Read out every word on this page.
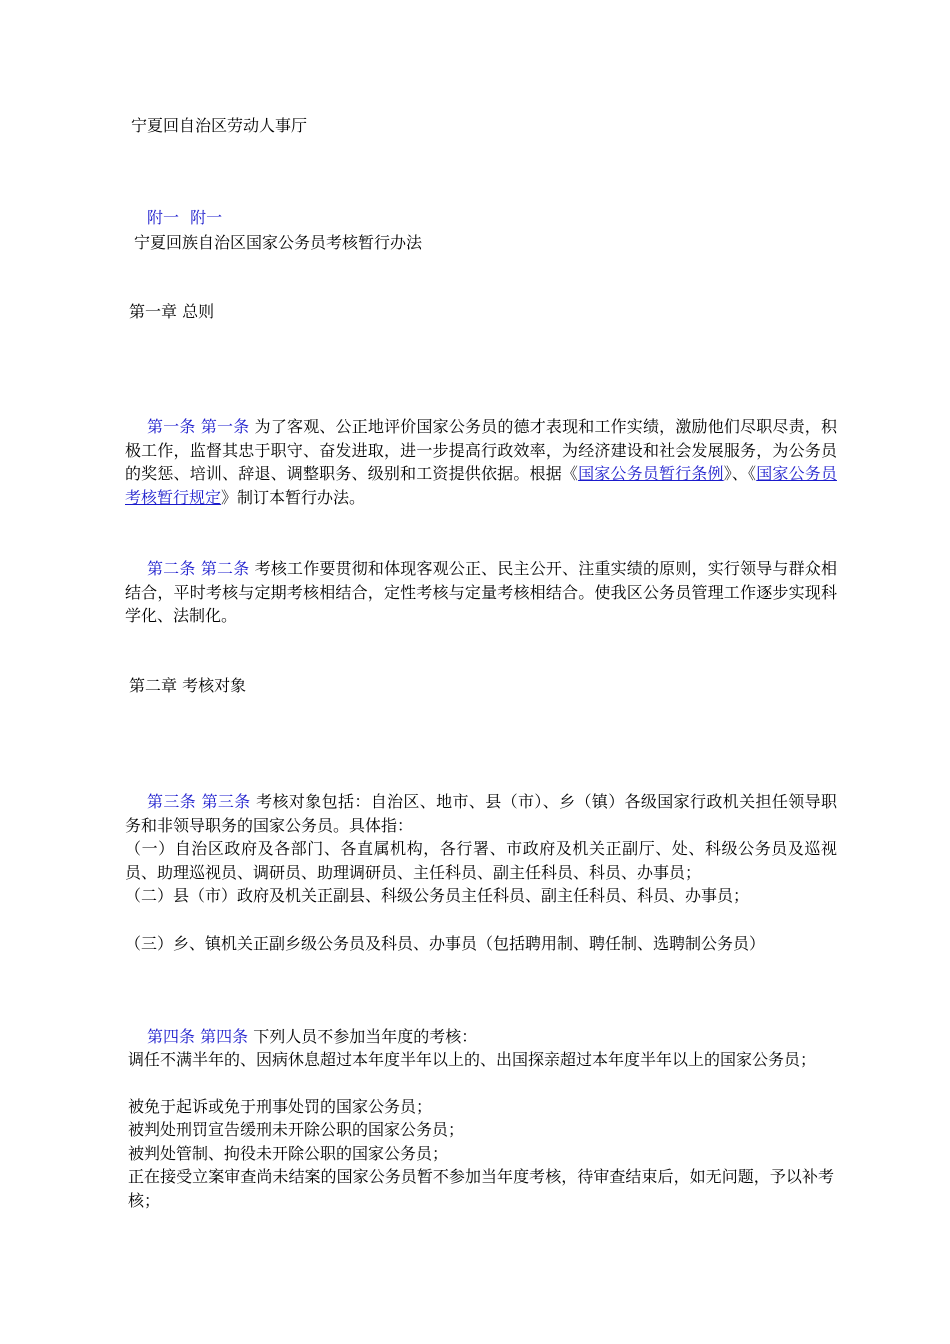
宁夏回自治区劳动人事厅
附一 附一
宁夏回族自治区国家公务员考核暂行办法
第一章 总则
第一条 第一条 为了客观、公正地评价国家公务员的德才表现和工作实绩，激励他们尽职尽责，积极工作，监督其忠于职守、奋发进取，进一步提高行政效率，为经济建设和社会发展服务，为公务员的奖惩、培训、辞退、调整职务、级别和工资提供依据。根据《国家公务员暂行条例》、《国家公务员考核暂行规定》制订本暂行办法。
第二条 第二条 考核工作要贯彻和体现客观公正、民主公开、注重实绩的原则，实行领导与群众相结合，平时考核与定期考核相结合，定性考核与定量考核相结合。使我区公务员管理工作逐步实现科学化、法制化。
第二章 考核对象
第三条 第三条 考核对象包括：自治区、地市、县（市）、乡（镇）各级国家行政机关担任领导职务和非领导职务的国家公务员。具体指：
（一）自治区政府及各部门、各直属机构，各行署、市政府及机关正副厅、处、科级公务员及巡视员、助理巡视员、调研员、助理调研员、主任科员、副主任科员、科员、办事员；
（二）县（市）政府及机关正副县、科级公务员主任科员、副主任科员、科员、办事员；
（三）乡、镇机关正副乡级公务员及科员、办事员（包括聘用制、聘任制、选聘制公务员）
第四条 第四条 下列人员不参加当年度的考核：
调任不满半年的、因病休息超过本年度半年以上的、出国探亲超过本年度半年以上的国家公务员；
被免于起诉或免于刑事处罚的国家公务员；
被判处刑罚宣告缓刑未开除公职的国家公务员；
被判处管制、拘役未开除公职的国家公务员；
正在接受立案审查尚未结案的国家公务员暂不参加当年度考核，待审查结束后，如无问题，予以补考核；
